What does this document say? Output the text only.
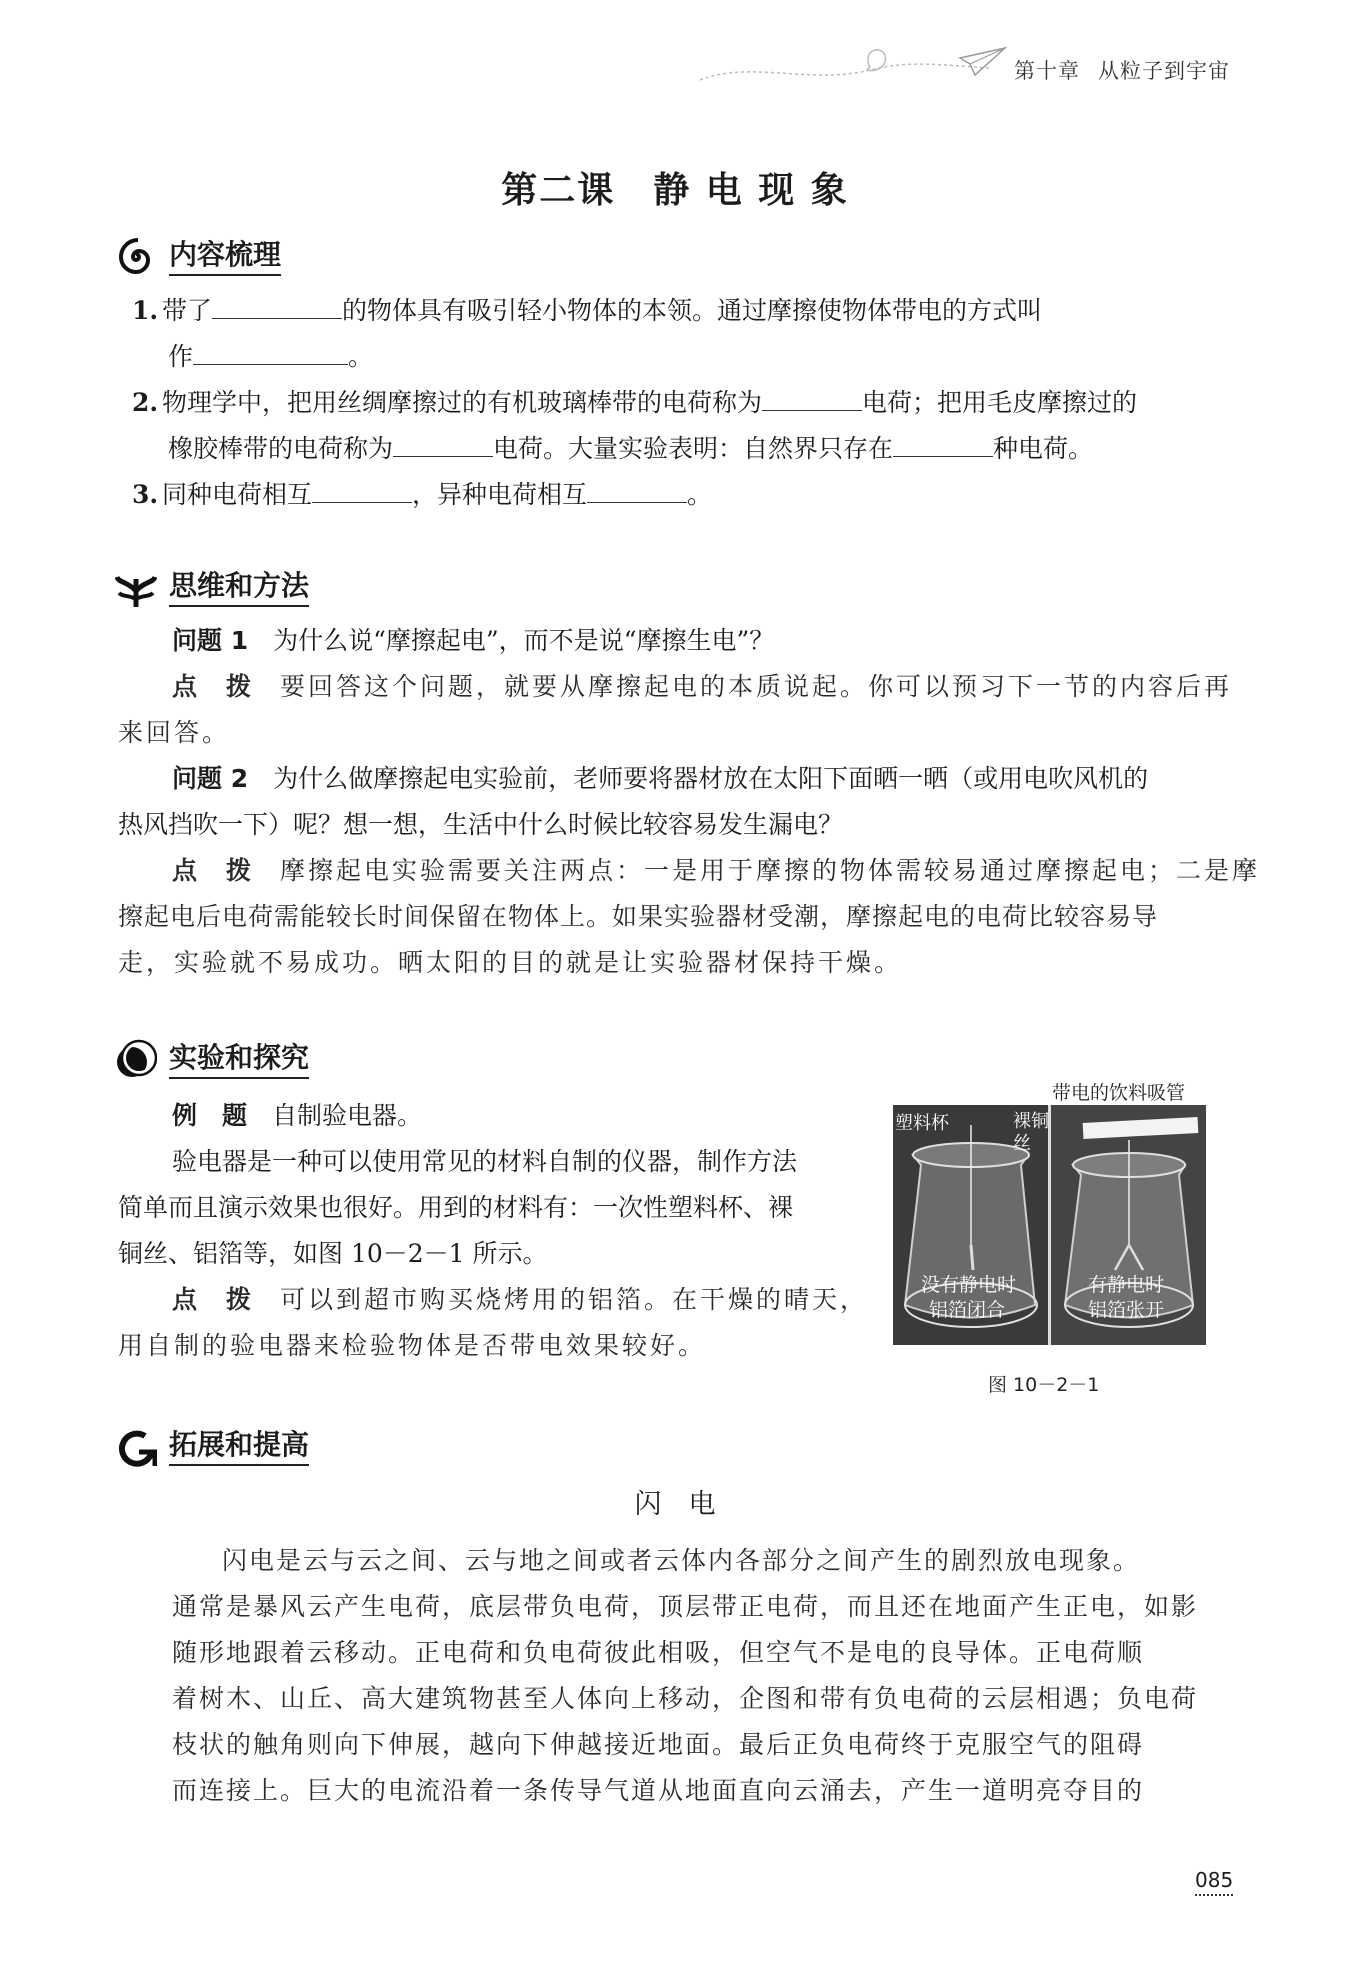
第十章 从粒子到宇宙
第二课　静 电 现 象
内容梳理
1. 带了	的物体具有吸引轻小物体的本领。通过摩擦使物体带电的方式叫
作	。
2. 物理学中，把用丝绸摩擦过的有机玻璃棒带的电荷称为	电荷；把用毛皮摩擦过的
橡胶棒带的电荷称为	电荷。大量实验表明：自然界只存在	种电荷。
3. 同种电荷相互	，异种电荷相互	。
思维和方法
问题 1　 为什么说“摩擦起电”，而不是说“摩擦生电”？
点　拨　 要回答这个问题，就要从摩擦起电的本质说起。你可以预习下一节的内容后再
来回答。
问题 2　 为什么做摩擦起电实验前，老师要将器材放在太阳下面晒一晒（或用电吹风机的
热风挡吹一下）呢？想一想，生活中什么时候比较容易发生漏电？
点　拨　 摩擦起电实验需要关注两点：一是用于摩擦的物体需较易通过摩擦起电；二是摩
擦起电后电荷需能较长时间保留在物体上。如果实验器材受潮，摩擦起电的电荷比较容易导
走，实验就不易成功。晒太阳的目的就是让实验器材保持干燥。
实验和探究
例　题　 自制验电器。
验电器是一种可以使用常见的材料自制的仪器，制作方法
简单而且演示效果也很好。用到的材料有：一次性塑料杯、裸
铜丝、铝箔等，如图 10－2－1 所示。
点　拨　 可以到超市购买烧烤用的铝箔。在干燥的晴天，
用自制的验电器来检验物体是否带电效果较好。
带电的饮料吸管
塑料杯	裸铜
丝
没有静电时
铝箔闭合
有静电时
铝箔张开
图 10－2－1
拓展和提高
闪　电
闪电是云与云之间、云与地之间或者云体内各部分之间产生的剧烈放电现象。
通常是暴风云产生电荷，底层带负电荷，顶层带正电荷，而且还在地面产生正电，如影
随形地跟着云移动。正电荷和负电荷彼此相吸，但空气不是电的良导体。正电荷顺
着树木、山丘、高大建筑物甚至人体向上移动，企图和带有负电荷的云层相遇；负电荷
枝状的触角则向下伸展，越向下伸越接近地面。最后正负电荷终于克服空气的阻碍
而连接上。巨大的电流沿着一条传导气道从地面直向云涌去，产生一道明亮夺目的
085
